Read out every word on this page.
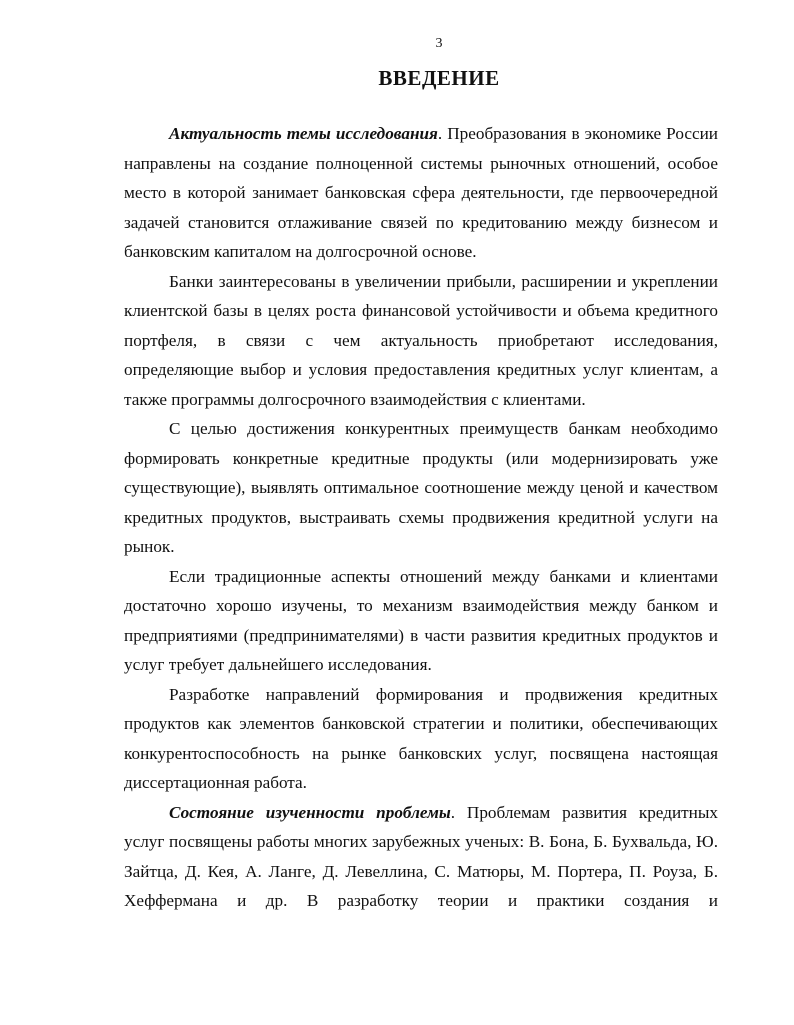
3
ВВЕДЕНИЕ

Актуальность темы исследования. Преобразования в экономике России направлены на создание полноценной системы рыночных отношений, особое место в которой занимает банковская сфера деятельности, где первоочередной задачей становится отлаживание связей по кредитованию между бизнесом и банковским капиталом на долгосрочной основе.

Банки заинтересованы в увеличении прибыли, расширении и укреплении клиентской базы в целях роста финансовой устойчивости и объема кредитного портфеля, в связи с чем актуальность приобретают исследования, определяющие выбор и условия предоставления кредитных услуг клиентам, а также программы долгосрочного взаимодействия с клиентами.

С целью достижения конкурентных преимуществ банкам необходимо формировать конкретные кредитные продукты (или модернизировать уже существующие), выявлять оптимальное соотношение между ценой и качеством кредитных продуктов, выстраивать схемы продвижения кредитной услуги на рынок.

Если традиционные аспекты отношений между банками и клиентами достаточно хорошо изучены, то механизм взаимодействия между банком и предприятиями (предпринимателями) в части развития кредитных продуктов и услуг требует дальнейшего исследования.

Разработке направлений формирования и продвижения кредитных продуктов как элементов банковской стратегии и политики, обеспечивающих конкурентоспособность на рынке банковских услуг, посвящена настоящая диссертационная работа.

Состояние изученности проблемы. Проблемам развития кредитных услуг посвящены работы многих зарубежных ученых: В. Бона, Б. Бухвальда, Ю. Зайтца, Д. Кея, А. Ланге, Д. Левеллина, С. Матюры, М. Портера, П. Роуза, Б. Хеффермана и др. В разработку теории и практики создания и
